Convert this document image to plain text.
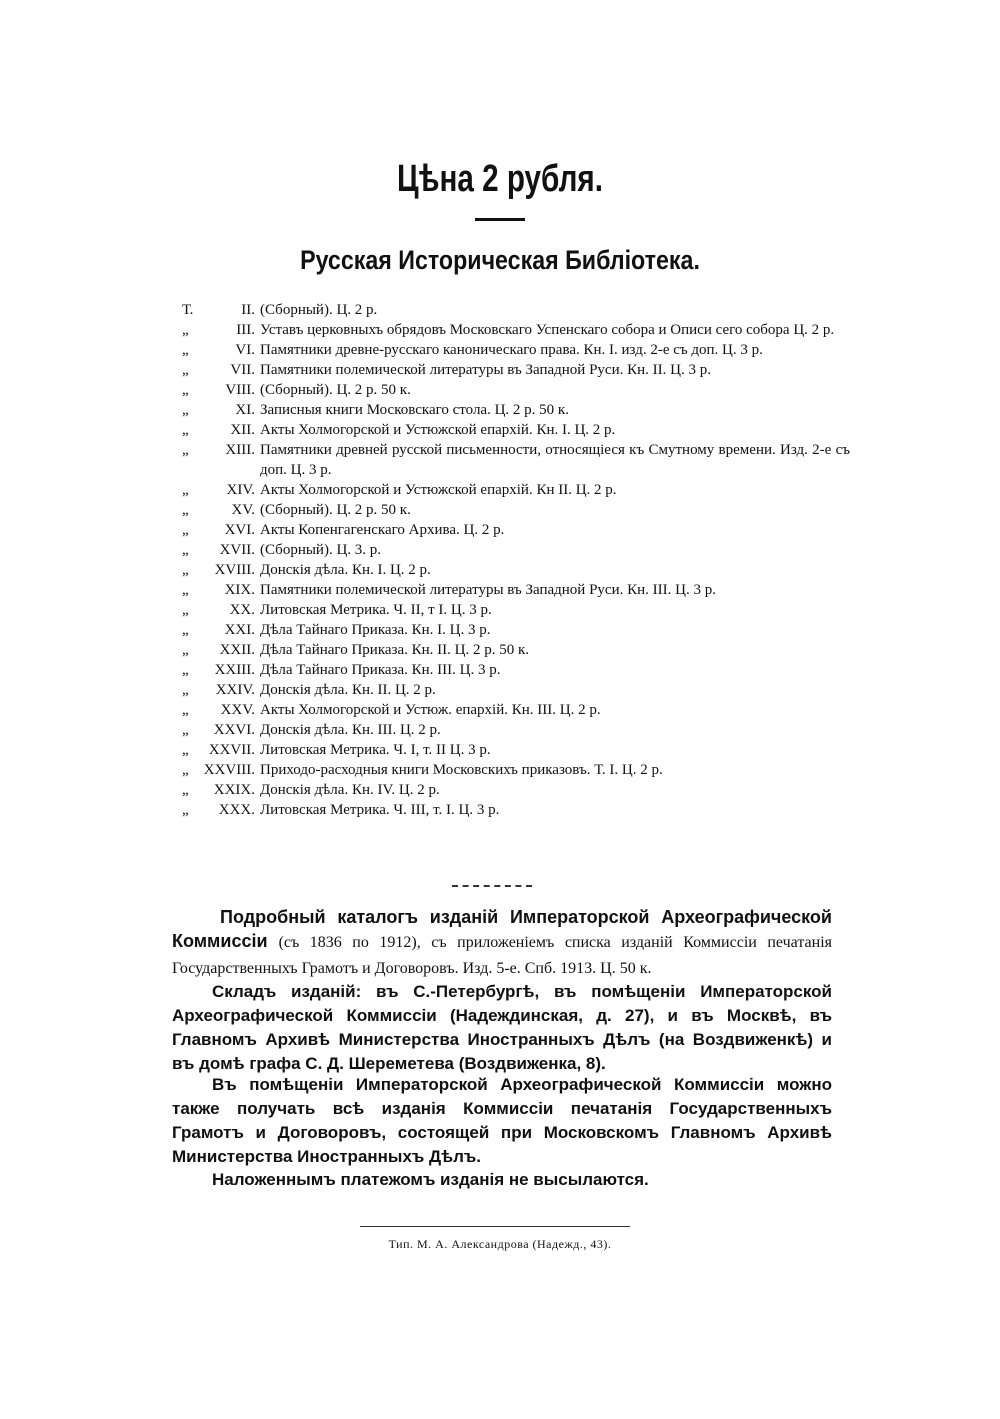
Цѣна 2 рубля.
Русская Историческая Библіотека.
Т.	II. (Сборный). Ц. 2 р.
„	III. Уставъ церковныхъ обрядовъ Московскаго Успенскаго собора и Описи сего собора Ц. 2 р.
„	VI. Памятники древне-русскаго каноническаго права. Кн. I. изд. 2-е съ доп. Ц. 3 р.
„	VII. Памятники полемической литературы въ Западной Руси. Кн. II. Ц. 3 р.
„	VIII. (Сборный). Ц. 2 р. 50 к.
„	XI. Записныя книги Московскаго стола. Ц. 2 р. 50 к.
„	XII. Акты Холмогорской и Устюжской епархій. Кн. I. Ц. 2 р.
„	XIII. Памятники древней русской письменности, относящіеся къ Смутному времени. Изд. 2-е съ доп. Ц. 3 р.
„	XIV. Акты Холмогорской и Устюжской епархій. Кн II. Ц. 2 р.
„	XV. (Сборный). Ц. 2 р. 50 к.
„	XVI. Акты Копенгагенскаго Архива. Ц. 2 р.
„	XVII. (Сборный). Ц. 3. р.
„	XVIII. Донскія дѣла. Кн. I. Ц. 2 р.
„	XIX. Памятники полемической литературы въ Западной Руси. Кн. III. Ц. 3 р.
„	XX. Литовская Метрика. Ч. II, т I. Ц. 3 р.
„	XXI. Дѣла Тайнаго Приказа. Кн. I. Ц. 3 р.
„	XXII. Дѣла Тайнаго Приказа. Кн. II. Ц. 2 р. 50 к.
„	XXIII. Дѣла Тайнаго Приказа. Кн. III. Ц. 3 р.
„	XXIV. Донскія дѣла. Кн. II. Ц. 2 р.
„	XXV. Акты Холмогорской и Устюж. епархій. Кн. III. Ц. 2 р.
„	XXVI. Донскія дѣла. Кн. III. Ц. 2 р.
„	XXVII. Литовская Метрика. Ч. I, т. II Ц. 3 р.
„	XXVIII. Приходо-расходныя книги Московскихъ приказовъ. Т. I. Ц. 2 р.
„	XXIX. Донскія дѣла. Кн. IV. Ц. 2 р.
„	XXX. Литовская Метрика. Ч. III, т. I. Ц. 3 р.
Подробный каталогъ изданій Императорской Археографической Коммиссіи (съ 1836 по 1912), съ приложеніемъ списка изданій Коммиссіи печатанія Государственныхъ Грамотъ и Договоровъ. Изд. 5-е. Спб. 1913. Ц. 50 к.
Складъ изданій: въ С.-Петербургѣ, въ помѣщеніи Императорской Археографической Коммиссіи (Надеждинская, д. 27), и въ Москвѣ, въ Главномъ Архивѣ Министерства Иностранныхъ Дѣлъ (на Воздвиженкѣ) и въ домѣ графа С. Д. Шереметева (Воздвиженка, 8).
Въ помѣщеніи Императорской Археографической Коммиссіи можно также получать всѣ изданія Коммиссіи печатанія Государственныхъ Грамотъ и Договоровъ, состоящей при Московскомъ Главномъ Архивѣ Министерства Иностранныхъ Дѣлъ.
Наложеннымъ платежомъ изданія не высылаются.
Тип. М. А. Александрова (Надежд., 43).
